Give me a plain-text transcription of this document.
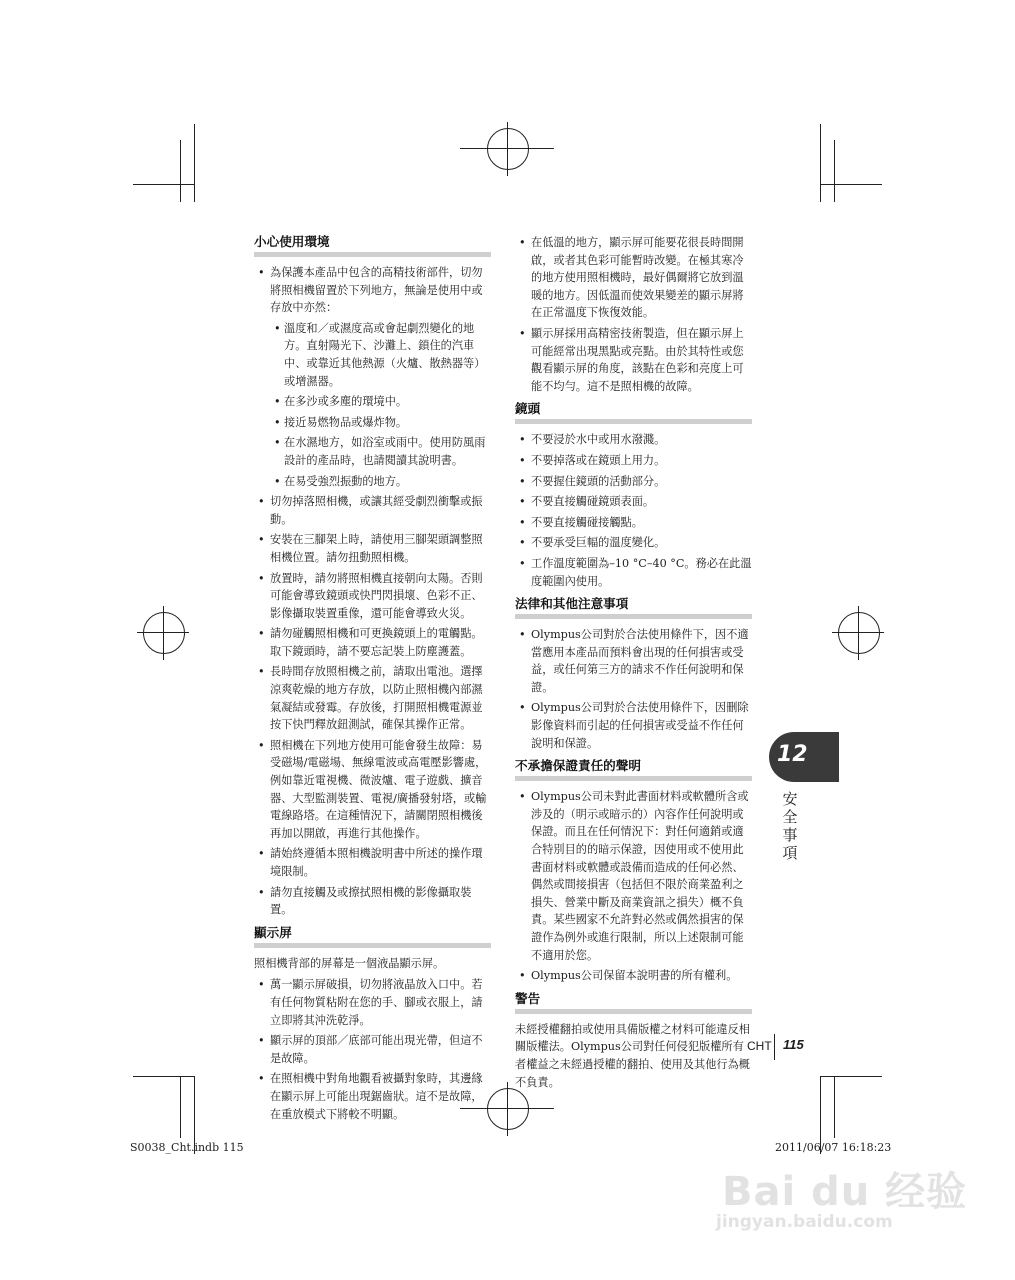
小心使用環境
• 為保護本產品中包含的高精技術部件，切勿將照相機留置於下列地方，無論是使用中或存放中亦然：
• 溫度和／或濕度高或會起劇烈變化的地方。直射陽光下、沙灘上、鎖住的汽車中、或靠近其他熱源（火爐、散熱器等）或增濕器。
• 在多沙或多塵的環境中。
• 接近易燃物品或爆炸物。
• 在水濕地方，如浴室或雨中。使用防風雨設計的產品時，也請閱讀其說明書。
• 在易受強烈振動的地方。
• 切勿掉落照相機，或讓其經受劇烈衝擊或振動。
• 安裝在三腳架上時，請使用三腳架頭調整照相機位置。請勿扭動照相機。
• 放置時，請勿將照相機直接朝向太陽。否則可能會導致鏡頭或快門閃損壞、色彩不正、影像攝取裝置重像，還可能會導致火災。
• 請勿碰觸照相機和可更換鏡頭上的電觸點。取下鏡頭時，請不要忘記裝上防塵護蓋。
• 長時間存放照相機之前，請取出電池。選擇涼爽乾燥的地方存放，以防止照相機內部濕氣凝結或發霉。存放後，打開照相機電源並按下快門釋放鈕測試，確保其操作正常。
• 照相機在下列地方使用可能會發生故障：易受磁場/電磁場、無線電波或高電壓影響處，例如靠近電視機、微波爐、電子遊戲、擴音器、大型監測裝置、電視/廣播發射塔，或輸電線路塔。在這種情況下，請關閉照相機後再加以開啟，再進行其他操作。
• 請始終遵循本照相機說明書中所述的操作環境限制。
• 請勿直接觸及或擦拭照相機的影像攝取裝置。
顯示屏
照相機背部的屏幕是一個液晶顯示屏。
• 萬一顯示屏破損，切勿將液晶放入口中。若有任何物質粘附在您的手、腳或衣服上，請立即將其沖洗乾淨。
• 顯示屏的頂部／底部可能出現光帶，但這不是故障。
• 在照相機中對角地觀看被攝對象時，其邊緣在顯示屏上可能出現鋸齒狀。這不是故障，在重放模式下將較不明顯。
• 在低溫的地方，顯示屏可能要花很長時間開啟，或者其色彩可能暫時改變。在極其寒冷的地方使用照相機時，最好偶爾將它放到溫暖的地方。因低溫而使效果變差的顯示屏將在正常溫度下恢復效能。
• 顯示屏採用高精密技術製造，但在顯示屏上可能經常出現黑點或亮點。由於其特性或您觀看顯示屏的角度，該點在色彩和亮度上可能不均勻。這不是照相機的故障。
鏡頭
• 不要浸於水中或用水潑濺。
• 不要掉落或在鏡頭上用力。
• 不要握住鏡頭的活動部分。
• 不要直接觸碰鏡頭表面。
• 不要直接觸碰接觸點。
• 不要承受巨幅的溫度變化。
• 工作溫度範圍為–10 °C–40 °C。務必在此溫度範圍內使用。
法律和其他注意事項
• Olympus公司對於合法使用條件下，因不適當應用本產品而預料會出現的任何損害或受益，或任何第三方的請求不作任何說明和保證。
• Olympus公司對於合法使用條件下，因刪除影像資料而引起的任何損害或受益不作任何說明和保證。
不承擔保證責任的聲明
• Olympus公司未對此書面材料或軟體所含或涉及的（明示或暗示的）內容作任何說明或保證。而且在任何情況下：對任何適銷或適合特別目的的暗示保證，因使用或不使用此書面材料或軟體或設備而造成的任何必然、偶然或間接損害（包括但不限於商業盈利之損失、營業中斷及商業資訊之損失）概不負責。某些國家不允許對必然或偶然損害的保證作為例外或進行限制，所以上述限制可能不適用於您。
• Olympus公司保留本說明書的所有權利。
警告
未經授權翻拍或使用具備版權之材料可能違反相關版權法。Olympus公司對任何侵犯版權所有者權益之未經過授權的翻拍、使用及其他行為概不負責。
12
安全事項
CHT 115
S0038_Cht.indb 115	2011/06/07 16:18:23
Bai du 经验
jingyan.baidu.com
